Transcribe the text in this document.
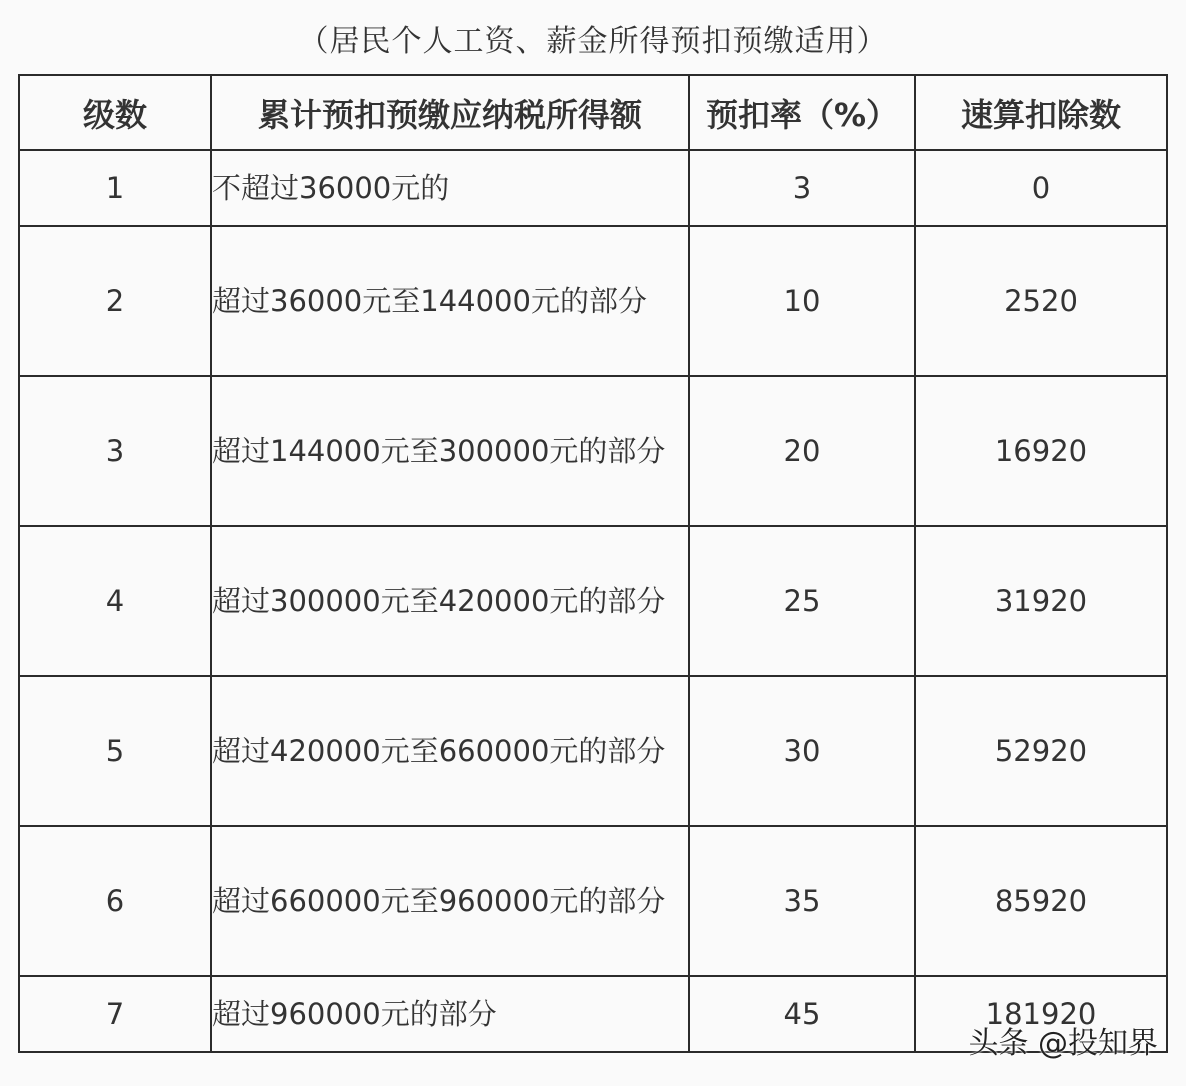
（居民个人工资、薪金所得预扣预缴适用）
级数	累计预扣预缴应纳税所得额	预扣率（%）	速算扣除数
1	不超过36000元的	3	0
2	超过36000元至144000元的部分	10	2520
3	超过144000元至300000元的部分	20	16920
4	超过300000元至420000元的部分	25	31920
5	超过420000元至660000元的部分	30	52920
6	超过660000元至960000元的部分	35	85920
7	超过960000元的部分	45	181920
头条 @投知界
